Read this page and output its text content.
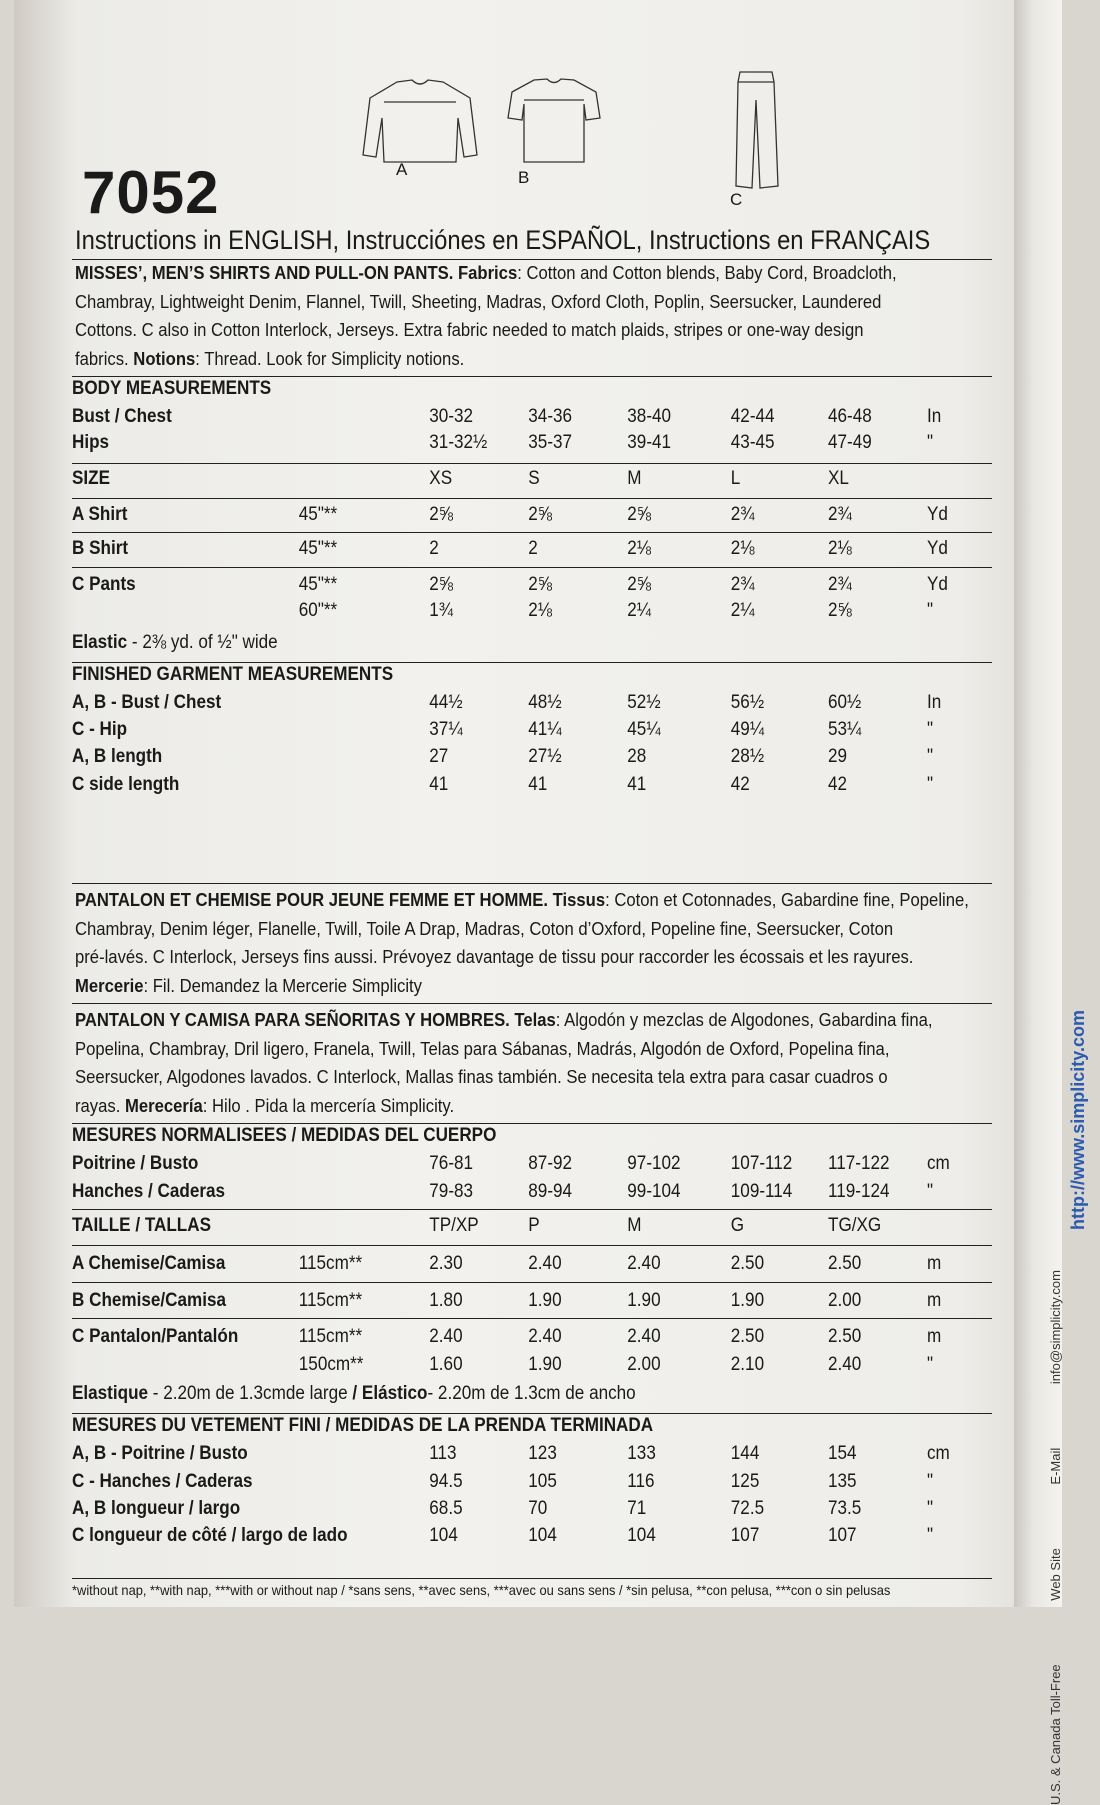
U.S. & Canada Toll-Free Web Site E-Mail info@simplicity.com
http://www.simplicity.com
A	B
C
7052
Instructions in ENGLISH, Instrucciónes en ESPAÑOL, Instructions en FRANÇAIS
MISSES’, MEN’S SHIRTS AND PULL-ON PANTS. Fabrics: Cotton and Cotton blends, Baby Cord, Broadcloth,
Chambray, Lightweight Denim, Flannel, Twill, Sheeting, Madras, Oxford Cloth, Poplin, Seersucker, Laundered
Cottons. C also in Cotton Interlock, Jerseys. Extra fabric needed to match plaids, stripes or one-way design
fabrics. Notions: Thread. Look for Simplicity notions.
BODY MEASUREMENTS
Bust / Chest	30-32	34-36	38-40	42-44	46-48	In
Hips	31-32½ 35-37	39-41	43-45	47-49	"
SIZE	XS	S	M	L	XL
A Shirt	45"**	2⅝	2⅝	2⅝	2¾	2¾	Yd
B Shirt	45"**	2	2	2⅛	2⅛	2⅛	Yd
C Pants	45"**	2⅝	2⅝	2⅝	2¾	2¾	Yd
60"**	1¾	2⅛	2¼	2¼	2⅝	"
Elastic - 2⅜ yd. of ½" wide
FINISHED GARMENT MEASUREMENTS
A, B - Bust / Chest	44½	48½	52½	56½	60½	In
C - Hip	37¼	41¼	45¼	49¼	53¼	"
A, B length	27	27½	28	28½	29	"
C side length	41	41	41	42	42	"
PANTALON ET CHEMISE POUR JEUNE FEMME ET HOMME. Tissus: Coton et Cotonnades, Gabardine fine, Popeline,
Chambray, Denim léger, Flanelle, Twill, Toile A Drap, Madras, Coton d’Oxford, Popeline fine, Seersucker, Coton
pré-lavés. C Interlock, Jerseys fins aussi. Prévoyez davantage de tissu pour raccorder les écossais et les rayures.
Mercerie: Fil. Demandez la Mercerie Simplicity
PANTALON Y CAMISA PARA SEÑORITAS Y HOMBRES. Telas: Algodón y mezclas de Algodones, Gabardina fina,
Popelina, Chambray, Dril ligero, Franela, Twill, Telas para Sábanas, Madrás, Algodón de Oxford, Popelina fina,
Seersucker, Algodones lavados. C Interlock, Mallas finas también. Se necesita tela extra para casar cuadros o
rayas. Merecería: Hilo . Pida la mercería Simplicity.
MESURES NORMALISEES / MEDIDAS DEL CUERPO
Poitrine / Busto	76-81	87-92	97-102	107-112 117-122 cm
Hanches / Caderas	79-83	89-94	99-104	109-114 119-124 "
TAILLE / TALLAS	TP/XP	P	M	G	TG/XG
A Chemise/Camisa	115cm**	2.30	2.40	2.40	2.50	2.50	m
B Chemise/Camisa	115cm**	1.80	1.90	1.90	1.90	2.00	m
C Pantalon/Pantalón	115cm**	2.40	2.40	2.40	2.50	2.50	m
150cm**	1.60	1.90	2.00	2.10	2.40	"
Elastique - 2.20m de 1.3cmde large / Elástico- 2.20m de 1.3cm de ancho
MESURES DU VETEMENT FINI / MEDIDAS DE LA PRENDA TERMINADA
A, B - Poitrine / Busto	113	123	133	144	154	cm
C - Hanches / Caderas	94.5	105	116	125	135	"
A, B longueur / largo	68.5	70	71	72.5	73.5	"
C longueur de côté / largo de lado	104	104	104	107	107	"
*without nap, **with nap, ***with or without nap / *sans sens, **avec sens, ***avec ou sans sens / *sin pelusa, **con pelusa, ***con o sin pelusas
